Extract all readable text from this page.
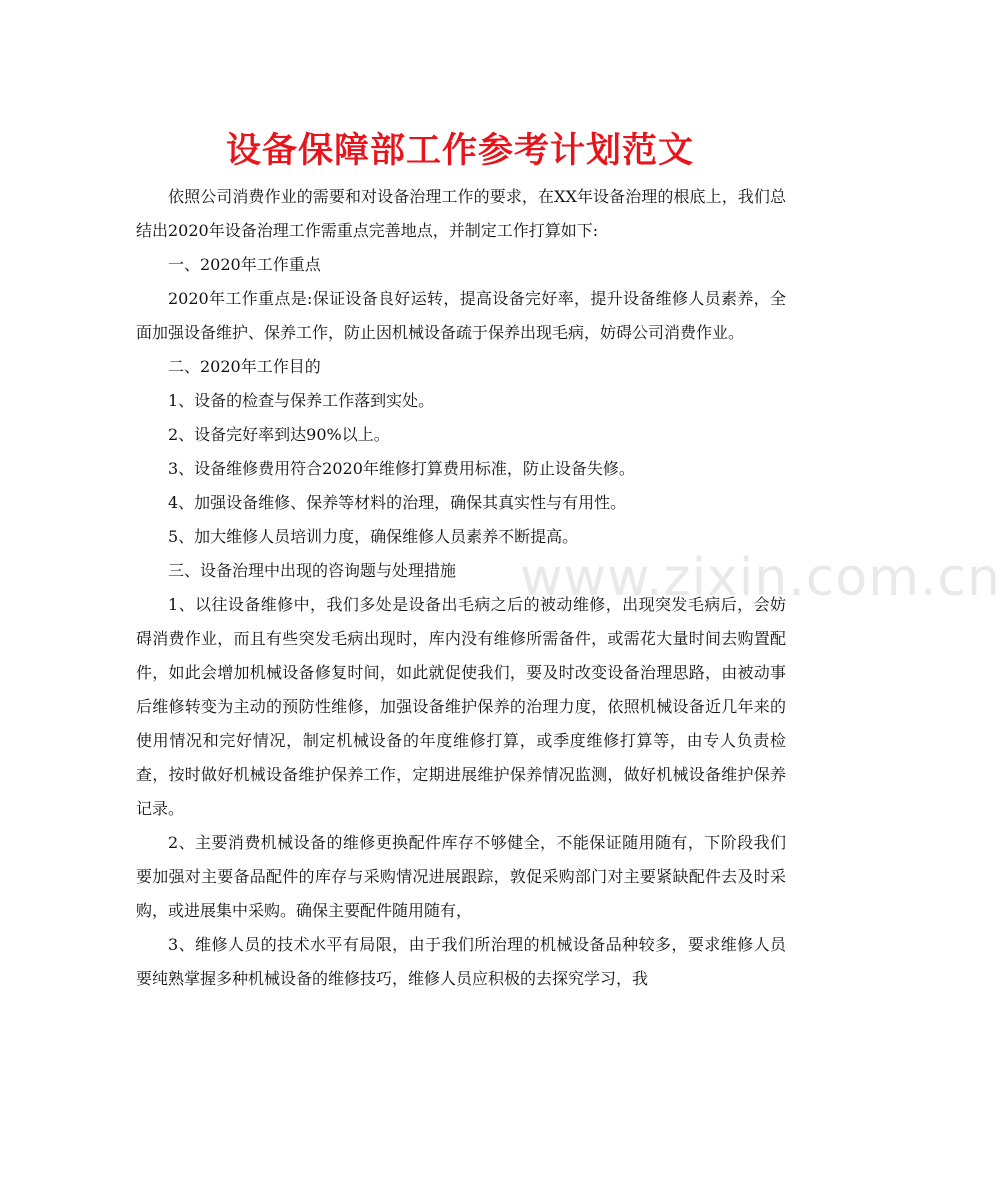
设备保障部工作参考计划范文
www.zixin.com.cn

依照公司消费作业的需要和对设备治理工作的要求，在XX年设备治理的根底上，我们总结出2020年设备治理工作需重点完善地点，并制定工作打算如下:

一、2020年工作重点

2020年工作重点是:保证设备良好运转，提高设备完好率，提升设备维修人员素养，全面加强设备维护、保养工作，防止因机械设备疏于保养出现毛病，妨碍公司消费作业。

二、2020年工作目的

1、设备的检查与保养工作落到实处。

2、设备完好率到达90%以上。

3、设备维修费用符合2020年维修打算费用标准，防止设备失修。

4、加强设备维修、保养等材料的治理，确保其真实性与有用性。

5、加大维修人员培训力度，确保维修人员素养不断提高。

三、设备治理中出现的咨询题与处理措施

1、以往设备维修中，我们多处是设备出毛病之后的被动维修，出现突发毛病后，会妨碍消费作业，而且有些突发毛病出现时，库内没有维修所需备件，或需花大量时间去购置配件，如此会增加机械设备修复时间，如此就促使我们，要及时改变设备治理思路，由被动事后维修转变为主动的预防性维修，加强设备维护保养的治理力度，依照机械设备近几年来的使用情况和完好情况，制定机械设备的年度维修打算，或季度维修打算等，由专人负责检查，按时做好机械设备维护保养工作，定期进展维护保养情况监测，做好机械设备维护保养记录。

2、主要消费机械设备的维修更换配件库存不够健全，不能保证随用随有，下阶段我们要加强对主要备品配件的库存与采购情况进展跟踪，敦促采购部门对主要紧缺配件去及时采购，或进展集中采购。确保主要配件随用随有，

3、维修人员的技术水平有局限，由于我们所治理的机械设备品种较多，要求维修人员要纯熟掌握多种机械设备的维修技巧，维修人员应积极的去探究学习，我
